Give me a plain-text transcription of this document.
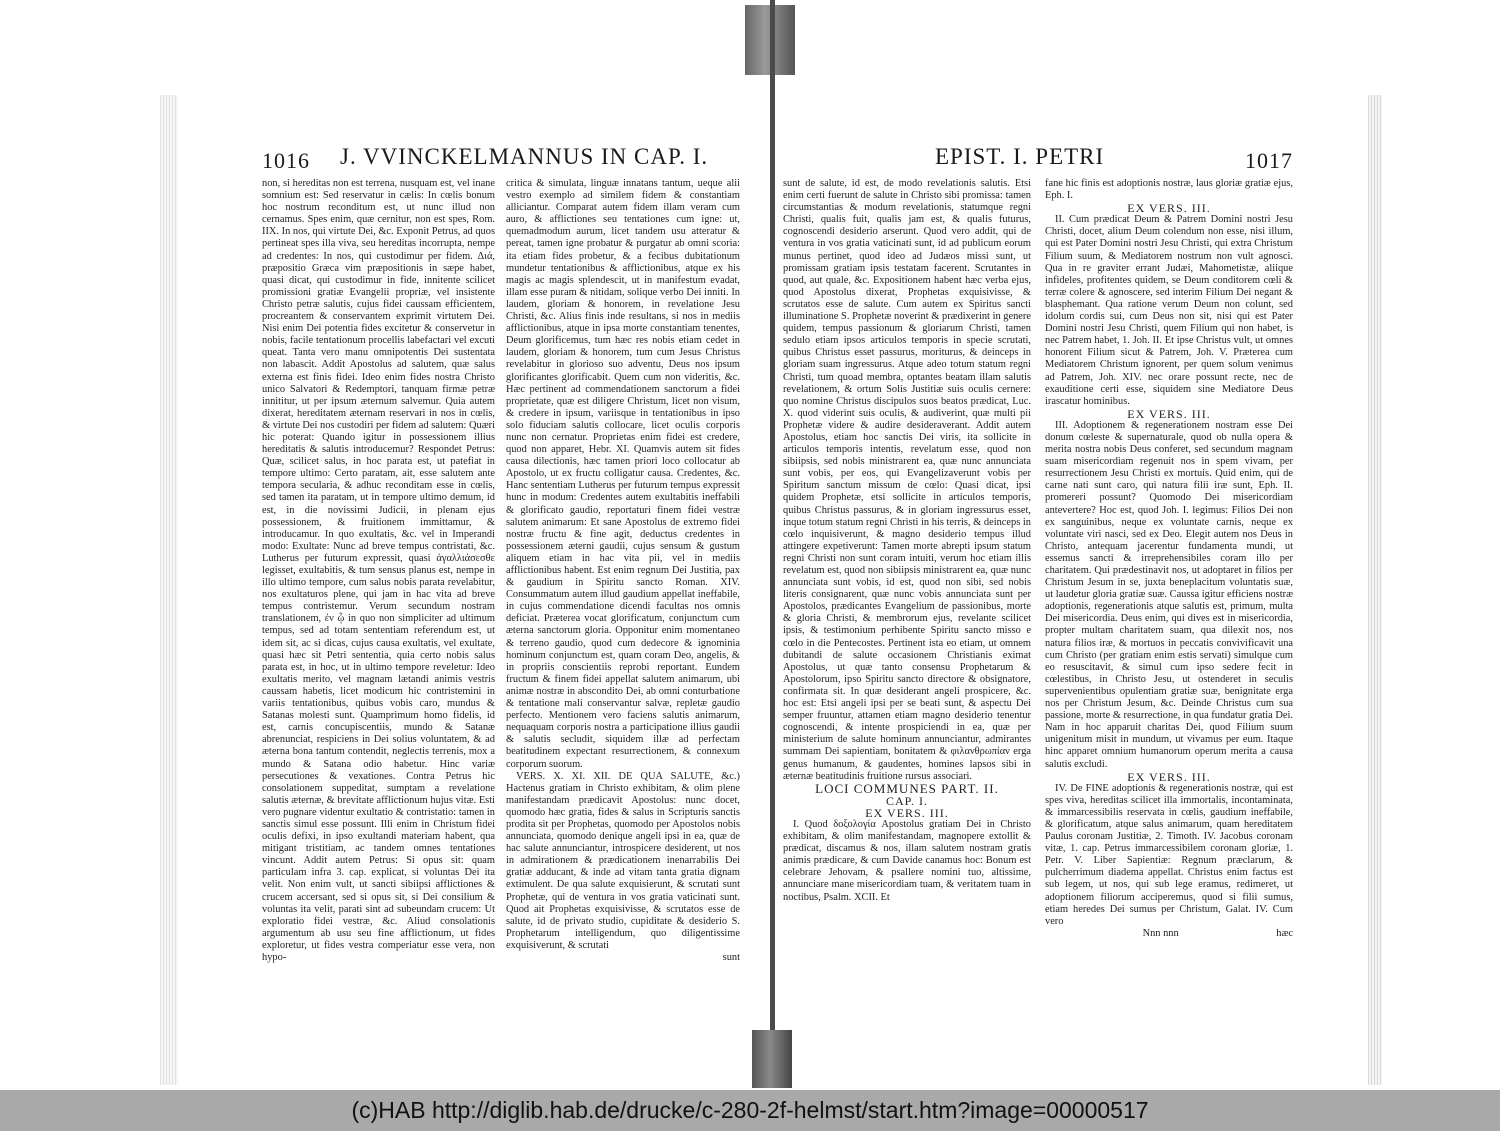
1016 J. VVINCKELMANNUS IN CAP. I.

non, si hereditas non est terrena, nusquam est, vel inane somnium est: Sed reservatur in cælis: In cœlis bonum hoc nostrum reconditum est, ut nunc illud non cernamus. Spes enim, quæ cernitur, non est spes, Rom. IIX. In nos, qui virtute Dei, &c. Exponit Petrus, ad quos pertineat spes illa viva, seu hereditas incorrupta, nempe ad credentes: In nos, qui custodimur per fidem. Διά, præpositio Græca vim præpositionis in sæpe habet, quasi dicat, qui custodimur in fide, innitente scilicet promissioni gratiæ Evangelii propriæ, vel insistente Christo petræ salutis, cujus fidei caussam efficientem, procreantem & conservantem exprimit virtutem Dei. Nisi enim Dei potentia fides excitetur & conservetur in nobis, facile tentationum procellis labefactari vel excuti queat. Tanta vero manu omnipotentis Dei sustentata non labascit. Addit Apostolus ad salutem, quæ salus externa est finis fidei. Ideo enim fides nostra Christo unico Salvatori & Redemptori, tanquam firmæ petræ innititur, ut per ipsum æternum salvemur. Quia autem dixerat, hereditatem æternam reservari in nos in cœlis, & virtute Dei nos custodiri per fidem ad salutem: Quæri hic poterat: Quando igitur in possessionem illius hereditatis & salutis introducemur? Respondet Petrus: Quæ, scilicet salus, in hoc parata est, ut patefiat in tempore ultimo: Certo paratam, ait, esse salutem ante tempora secularia, & adhuc reconditam esse in cœlis, sed tamen ita paratam, ut in tempore ultimo demum, id est, in die novissimi Judicii, in plenam ejus possessionem, & fruitionem immittamur, & introducamur. In quo exultatis, &c. vel in Imperandi modo: Exultate: Nunc ad breve tempus contristati, &c. Lutherus per futurum expressit, quasi ἀγαλλιάσεσθε legisset, exultabitis, & tum sensus planus est, nempe in illo ultimo tempore, cum salus nobis parata revelabitur, nos exultaturos plene, qui jam in hac vita ad breve tempus contristemur. Verum secundum nostram translationem, ἐν ᾧ in quo non simpliciter ad ultimum tempus, sed ad totam sententiam referendum est, ut idem sit, ac si dicas, cujus causa exultatis, vel exultate, quasi hæc sit Petri sententia, quia certo nobis salus parata est, in hoc, ut in ultimo tempore reveletur: Ideo exultatis merito, vel magnam lætandi animis vestris caussam habetis, licet modicum hic contristemini in variis tentationibus, quibus vobis caro, mundus & Satanas molesti sunt. Quamprimum homo fidelis, id est, carnis concupiscentiis, mundo & Satanæ abrenunciat, respiciens in Dei solius voluntatem, & ad æterna bona tantum contendit, neglectis terrenis, mox a mundo & Satana odio habetur. Hinc variæ persecutiones & vexationes. Contra Petrus hic consolationem suppeditat, sumptam a revelatione salutis æternæ, & brevitate afflictionum hujus vitæ. Esti vero pugnare videntur exultatio & contristatio: tamen in sanctis simul esse possunt. Illi enim in Christum fidei oculis defixi, in ipso exultandi materiam habent, qua mitigant tristitiam, ac tandem omnes tentationes vincunt. Addit autem Petrus: Si opus sit: quam particulam infra 3. cap. explicat, si voluntas Dei ita velit. Non enim vult, ut sancti sibiipsi afflictiones & crucem accersant, sed si opus sit, si Dei consilium & voluntas ita velit, parati sint ad subeundam crucem: Ut exploratio fidei vestræ, &c. Aliud consolationis argumentum ab usu seu fine afflictionum, ut fides exploretur, ut fides vestra comperiatur esse vera, non hypo-

critica & simulata, linguæ innatans tantum, ueque alii vestro exemplo ad similem fidem & constantiam alliciantur. Comparat autem fidem illam veram cum auro, & afflictiones seu tentationes cum igne: ut, quemadmodum aurum, licet tandem usu atteratur & pereat, tamen igne probatur & purgatur ab omni scoria: ita etiam fides probetur, & a fecibus dubitationum mundetur tentationibus & afflictionibus, atque ex his magis ac magis splendescit, ut in manifestum evadat, illam esse puram & nitidam, solique verbo Dei inniti. In laudem, gloriam & honorem, in revelatione Jesu Christi, &c. Alius finis inde resultans, si nos in mediis afflictionibus, atque in ipsa morte constantiam tenentes, Deum glorificemus, tum hæc res nobis etiam cedet in laudem, gloriam & honorem, tum cum Jesus Christus revelabitur in glorioso suo adventu, Deus nos ipsum glorificantes glorificabit. Quem cum non videritis, &c. Hæc pertinent ad commendationem sanctorum a fidei proprietate, quæ est diligere Christum, licet non visum, & credere in ipsum, variisque in tentationibus in ipso solo fiduciam salutis collocare, licet oculis corporis nunc non cernatur. Proprietas enim fidei est credere, quod non apparet, Hebr. XI. Quamvis autem sit fides causa dilectionis, hæc tamen priori loco collocatur ab Apostolo, ut ex fructu colligatur causa. Credentes, &c. Hanc sententiam Lutherus per futurum tempus expressit hunc in modum: Credentes autem exultabitis ineffabili & glorificato gaudio, reportaturi finem fidei vestræ salutem animarum: Et sane Apostolus de extremo fidei nostræ fructu & fine agit, deductus credentes in possessionem æterni gaudii, cujus sensum & gustum aliquem etiam in hac vita pii, vel in mediis afflictionibus habent. Est enim regnum Dei Justitia, pax & gaudium in Spiritu sancto Roman. XIV. Consummatum autem illud gaudium appellat ineffabile, in cujus commendatione dicendi facultas nos omnis deficiat. Præterea vocat glorificatum, conjunctum cum æterna sanctorum gloria. Opponitur enim momentaneo & terreno gaudio, quod cum dedecore & ignominia hominum conjunctum est, quam coram Deo, angelis, & in propriis conscientiis reprobi reportant. Eundem fructum & finem fidei appellat salutem animarum, ubi animæ nostræ in abscondito Dei, ab omni conturbatione & tentatione mali conservantur salvæ, repletæ gaudio perfecto. Mentionem vero faciens salutis animarum, nequaquam corporis nostra a participatione illius gaudii & salutis secludit, siquidem illæ ad perfectam beatitudinem expectant resurrectionem, & connexum corporum suorum.

VERS. X. XI. XII. DE QUA SALUTE, &c.) Hactenus gratiam in Christo exhibitam, & olim plene manifestandam prædicavit Apostolus: nunc docet, quomodo hæc gratia, fides & salus in Scripturis sanctis prodita sit per Prophetas, quomodo per Apostolos nobis annunciata, quomodo denique angeli ipsi in ea, quæ de hac salute annunciantur, introspicere desiderent, ut nos in admirationem & prædicationem inenarrabilis Dei gratiæ adducant, & inde ad vitam tanta gratia dignam extimulent. De qua salute exquisierunt, & scrutati sunt Prophetæ, qui de ventura in vos gratia vaticinati sunt. Quod ait Prophetas exquisivisse, & scrutatos esse de salute, id de privato studio, cupiditate & desiderio S. Prophetarum intelligendum, quo diligentissime exquisiverunt, & scrutati

sunt

EPIST. I. PETRI	1017

sunt de salute, id est, de modo revelationis salutis. Etsi enim certi fuerunt de salute in Christo sibi promissa: tamen circumstantias & modum revelationis, statumque regni Christi, qualis fuit, qualis jam est, & qualis futurus, cognoscendi desiderio arserunt. Quod vero addit, qui de ventura in vos gratia vaticinati sunt, id ad publicum eorum munus pertinet, quod ideo ad Judæos missi sunt, ut promissam gratiam ipsis testatam facerent. Scrutantes in quod, aut quale, &c. Expositionem habent hæc verba ejus, quod Apostolus dixerat, Prophetas exquisivisse, & scrutatos esse de salute. Cum autem ex Spiritus sancti illuminatione S. Prophetæ noverint & prædixerint in genere quidem, tempus passionum & gloriarum Christi, tamen sedulo etiam ipsos articulos temporis in specie scrutati, quibus Christus esset passurus, moriturus, & deinceps in gloriam suam ingressurus. Atque adeo totum statum regni Christi, tum quoad membra, optantes beatam illam salutis revelationem, & ortum Solis Justitiæ suis oculis cernere: quo nomine Christus discipulos suos beatos prædicat, Luc. X. quod viderint suis oculis, & audiverint, quæ multi pii Prophetæ videre & audire desideraverant. Addit autem Apostolus, etiam hoc sanctis Dei viris, ita sollicite in articulos temporis intentis, revelatum esse, quod non sibiipsis, sed nobis ministrarent ea, quæ nunc annunciata sunt vobis, per eos, qui Evangelizaverunt vobis per Spiritum sanctum missum de cœlo: Quasi dicat, ipsi quidem Prophetæ, etsi sollicite in articulos temporis, quibus Christus passurus, & in gloriam ingressurus esset, inque totum statum regni Christi in his terris, & deinceps in cœlo inquisiverunt, & magno desiderio tempus illud attingere expetiverunt: Tamen morte abrepti ipsum statum regni Christi non sunt coram intuiti, verum hoc etiam illis revelatum est, quod non sibiipsis ministrarent ea, quæ nunc annunciata sunt vobis, id est, quod non sibi, sed nobis literis consignarent, quæ nunc vobis annunciata sunt per Apostolos, prædicantes Evangelium de passionibus, morte & gloria Christi, & membrorum ejus, revelante scilicet ipsis, & testimonium perhibente Spiritu sancto misso e cœlo in die Pentecostes. Pertinent ista eo etiam, ut omnem dubitandi de salute occasionem Christianis eximat Apostolus, ut quæ tanto consensu Prophetarum & Apostolorum, ipso Spiritu sancto directore & obsignatore, confirmata sit. In quæ desiderant angeli prospicere, &c. hoc est: Etsi angeli ipsi per se beati sunt, & aspectu Dei semper fruuntur, attamen etiam magno desiderio tenentur cognoscendi, & intente prospiciendi in ea, quæ per ministerium de salute hominum annunciantur, admirantes summam Dei sapientiam, bonitatem & φιλανθρωπίαν erga genus humanum, & gaudentes, homines lapsos sibi in æternæ beatitudinis fruitione rursus associari.

LOCI COMMUNES PART. II.

CAP. I.

EX VERS. III.

I. Quod δοξολογία Apostolus gratiam Dei in Christo exhibitam, & olim manifestandam, magnopere extollit & prædicat, discamus & nos, illam salutem nostram gratis animis prædicare, & cum Davide canamus hoc: Bonum est celebrare Jehovam, & psallere nomini tuo, altissime, annunciare mane misericordiam tuam, & veritatem tuam in noctibus, Psalm. XCII. Et

fane hic finis est adoptionis nostræ, laus gloriæ gratiæ ejus, Eph. I.

EX VERS. III.

II. Cum prædicat Deum & Patrem Domini nostri Jesu Christi, docet, alium Deum colendum non esse, nisi illum, qui est Pater Domini nostri Jesu Christi, qui extra Christum Filium suum, & Mediatorem nostrum non vult agnosci. Qua in re graviter errant Judæi, Mahometistæ, aliique infideles, profitentes quidem, se Deum conditorem cœli & terræ colere & agnoscere, sed interim Filium Dei negant & blasphemant. Qua ratione verum Deum non colunt, sed idolum cordis sui, cum Deus non sit, nisi qui est Pater Domini nostri Jesu Christi, quem Filium qui non habet, is nec Patrem habet, 1. Joh. II. Et ipse Christus vult, ut omnes honorent Filium sicut & Patrem, Joh. V. Præterea cum Mediatorem Christum ignorent, per quem solum venimus ad Patrem, Joh. XIV. nec orare possunt recte, nec de exauditione certi esse, siquidem sine Mediatore Deus irascatur hominibus.

EX VERS. III.

III. Adoptionem & regenerationem nostram esse Dei donum cœleste & supernaturale, quod ob nulla opera & merita nostra nobis Deus conferet, sed secundum magnam suam misericordiam regenuit nos in spem vivam, per resurrectionem Jesu Christi ex mortuis. Quid enim, qui de carne nati sunt caro, qui natura filii iræ sunt, Eph. II. promereri possunt? Quomodo Dei misericordiam antevertere? Hoc est, quod Joh. I. legimus: Filios Dei non ex sanguinibus, neque ex voluntate carnis, neque ex voluntate viri nasci, sed ex Deo. Elegit autem nos Deus in Christo, antequam jacerentur fundamenta mundi, ut essemus sancti & irreprehensibiles coram illo per charitatem. Qui prædestinavit nos, ut adoptaret in filios per Christum Jesum in se, juxta beneplacitum voluntatis suæ, ut laudetur gloria gratiæ suæ. Caussa igitur efficiens nostræ adoptionis, regenerationis atque salutis est, primum, multa Dei misericordia. Deus enim, qui dives est in misericordia, propter multam charitatem suam, qua dilexit nos, nos natura filios iræ, & mortuos in peccatis convivificavit una cum Christo (per gratiam enim estis servati) simulque cum eo resuscitavit, & simul cum ipso sedere fecit in cœlestibus, in Christo Jesu, ut ostenderet in seculis supervenientibus opulentiam gratiæ suæ, benignitate erga nos per Christum Jesum, &c. Deinde Christus cum sua passione, morte & resurrectione, in qua fundatur gratia Dei. Nam in hoc apparuit charitas Dei, quod Filium suum unigenitum misit in mundum, ut vivamus per eum. Itaque hinc apparet omnium humanorum operum merita a causa salutis excludi.

EX VERS. III.

IV. De FINE adoptionis & regenerationis nostræ, qui est spes viva, hereditas scilicet illa immortalis, incontaminata, & immarcessibilis reservata in cœlis, gaudium ineffabile, & glorificatum, atque salus animarum, quam hereditatem Paulus coronam Justitiæ, 2. Timoth. IV. Jacobus coronam vitæ, 1. cap. Petrus immarcessibilem coronam gloriæ, 1. Petr. V. Liber Sapientiæ: Regnum præclarum, & pulcherrimum diadema appellat. Christus enim factus est sub legem, ut nos, qui sub lege eramus, redimeret, ut adoptionem filiorum acciperemus, quod si filii sumus, etiam heredes Dei sumus per Christum, Galat. IV. Cum vero

Nnn nnn	hæc

(c)HAB http://diglib.hab.de/drucke/c-280-2f-helmst/start.htm?image=00000517
